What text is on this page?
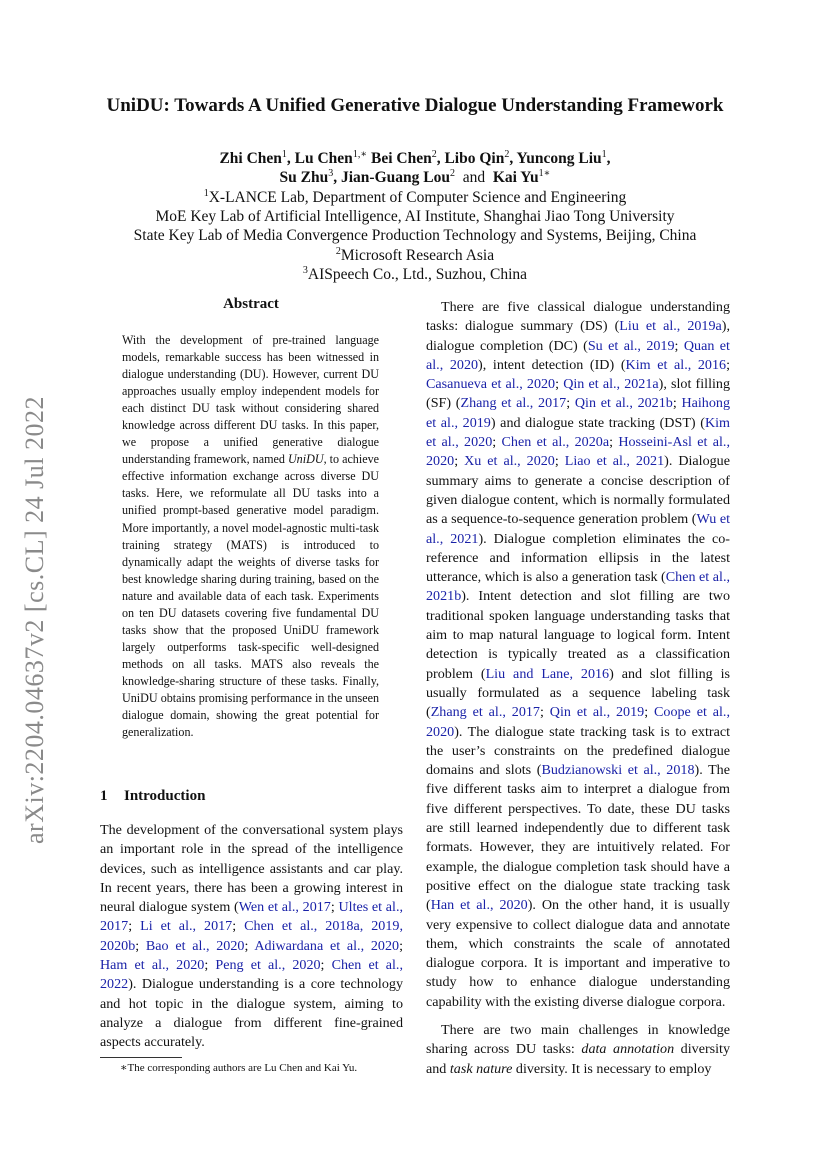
arXiv:2204.04637v2 [cs.CL] 24 Jul 2022
UniDU: Towards A Unified Generative Dialogue Understanding Framework
Zhi Chen$^1$, Lu Chen$^{1,∗}$ Bei Chen$^2$, Libo Qin$^2$, Yuncong Liu$^1$,
Su Zhu$^3$, Jian-Guang Lou$^2$ and Kai $Yu^{1∗}$
$^1$X-LANCE Lab, Department of Computer Science and Engineering
MoE Key Lab of Artificial Intelligence, AI Institute, Shanghai Jiao Tong University
State Key Lab of Media Convergence Production Technology and Systems, Beijing, China
$^2$Microsoft Research Asia
$^3$AISpeech Co., Ltd., Suzhou, China
Abstract
With the development of pre-trained language models, remarkable success has been witnessed in dialogue understanding (DU). However, current DU approaches usually employ independent models for each distinct DU task without considering shared knowledge across different DU tasks. In this paper, we propose a unified generative dialogue understanding framework, named UniDU, to achieve effective information exchange across diverse DU tasks. Here, we reformulate all DU tasks into a unified prompt-based generative model paradigm. More importantly, a novel model-agnostic multi-task training strategy (MATS) is introduced to dynamically adapt the weights of diverse tasks for best knowledge sharing during training, based on the nature and available data of each task. Experiments on ten DU datasets covering five fundamental DU tasks show that the proposed UniDU framework largely outperforms task-specific well-designed methods on all tasks. MATS also reveals the knowledge-sharing structure of these tasks. Finally, UniDU obtains promising performance in the unseen dialogue domain, showing the great potential for generalization.
1 Introduction
The development of the conversational system plays an important role in the spread of the intelligence devices, such as intelligence assistants and car play. In recent years, there has been a growing interest in neural dialogue system (Wen et al., 2017; Ultes et al., 2017; Li et al., 2017; Chen et al., 2018a, 2019, 2020b; Bao et al., 2020; Adiwardana et al., 2020; Ham et al., 2020; Peng et al., 2020; Chen et al., 2022). Dialogue understanding is a core technology and hot topic in the dialogue system, aiming to analyze a dialogue from different fine-grained aspects accurately.
∗The corresponding authors are Lu Chen and Kai Yu.

There are five classical dialogue understanding tasks: dialogue summary (DS) (Liu et al., 2019a), dialogue completion (DC) (Su et al., 2019; Quan et al., 2020), intent detection (ID) (Kim et al., 2016; Casanueva et al., 2020; Qin et al., 2021a), slot filling (SF) (Zhang et al., 2017; Qin et al., 2021b; Haihong et al., 2019) and dialogue state tracking (DST) (Kim et al., 2020; Chen et al., 2020a; Hosseini-Asl et al., 2020; Xu et al., 2020; Liao et al., 2021). Dialogue summary aims to generate a concise description of given dialogue content, which is normally formulated as a sequence-to-sequence generation problem (Wu et al., 2021). Dialogue completion eliminates the co-reference and information ellipsis in the latest utterance, which is also a generation task (Chen et al., 2021b). Intent detection and slot filling are two traditional spoken language understanding tasks that aim to map natural language to logical form. Intent detection is typically treated as a classification problem (Liu and Lane, 2016) and slot filling is usually formulated as a sequence labeling task (Zhang et al., 2017; Qin et al., 2019; Coope et al., 2020). The dialogue state tracking task is to extract the user’s constraints on the predefined dialogue domains and slots (Budzianowski et al., 2018). The five different tasks aim to interpret a dialogue from five different perspectives. To date, these DU tasks are still learned independently due to different task formats. However, they are intuitively related. For example, the dialogue completion task should have a positive effect on the dialogue state tracking task (Han et al., 2020). On the other hand, it is usually very expensive to collect dialogue data and annotate them, which constraints the scale of annotated dialogue corpora. It is important and imperative to study how to enhance dialogue understanding capability with the existing diverse dialogue corpora.

There are two main challenges in knowledge sharing across DU tasks: data annotation diversity and task nature diversity. It is necessary to employ
